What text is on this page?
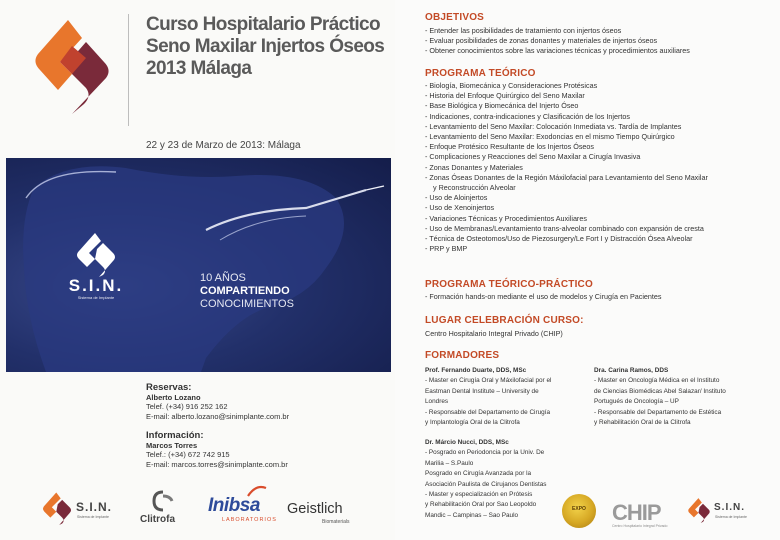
Curso Hospitalario Práctico
Seno Maxilar Injertos Óseos
2013 Málaga
22 y 23 de Marzo de 2013: Málaga
S.I.N.
Sistema de Implante
10 AÑOS
COMPARTIENDO
CONOCIMIENTOS
Reservas:
Alberto Lozano
Telef. (+34) 916 252 162
E-mail: alberto.lozano@sinimplante.com.br
Información:
Marcos Torres
Telef.: (+34) 672 742 915
E-mail: marcos.torres@sinimplante.com.br
S.I.N.
Sistema de Implante	Clitrofa
Inibsa
LABORATORIOS
Geistlich
Biomaterials
OBJETIVOS
- Entender las posibilidades de tratamiento con injertos óseos
- Evaluar posibilidades de zonas donantes y materiales de injertos óseos
- Obtener conocimientos sobre las variaciones técnicas y procedimientos auxiliares
PROGRAMA TEÓRICO
- Biología, Biomecánica y Consideraciones Protésicas
- Historia del Enfoque Quirúrgico del Seno Maxilar
- Base Biológica y Biomecánica del Injerto Óseo
- Indicaciones, contra-indicaciones y Clasificación de los Injertos
- Levantamiento del Seno Maxilar: Colocación Inmediata vs. Tardía de Implantes
- Levantamiento del Seno Maxilar: Exodoncias en el mismo Tiempo Quirúrgico
- Enfoque Protésico Resultante de los Injertos Óseos
- Complicaciones y Reacciones del Seno Maxilar a Cirugía Invasiva
- Zonas Donantes y Materiales
- Zonas Óseas Donantes de la Región Máxilofacial para Levantamiento del Seno Maxilar
y Reconstrucción Alveolar
- Uso de Aloinjertos
- Uso de Xenoinjertos
- Variaciones Técnicas y Procedimientos Auxiliares
- Uso de Membranas/Levantamiento trans-alveolar combinado con expansión de cresta
- Técnica de Osteotomos/Uso de Piezosurgery/Le Fort I y Distracción Ósea Alveolar
- PRP y BMP
PROGRAMA TEÓRICO-PRÁCTICO
- Formación hands-on mediante el uso de modelos y Cirugía en Pacientes
LUGAR CELEBRACIÓN CURSO:
Centro Hospitalario Integral Privado (CHIP)
FORMADORES
Prof. Fernando Duarte, DDS, MSc
- Master en Cirugía Oral y Máxilofacial por el
Eastman Dental Institute – University de
Londres
- Responsable del Departamento de Cirugía
y Implantología Oral de la Clitrofa
Dr. Márcio Nucci, DDS, MSc
- Posgrado en Periodoncia por la Univ. De
Marilia – S.Paulo
Posgrado en Cirugía Avanzada por la
Asociación Paulista de Cirujanos Dentistas
- Master y especialización en Prótesis
y Rehabilitación Oral por Sao Leopoldo
Mandic – Campinas – Sao Paulo
Dra. Carina Ramos, DDS
- Master en Oncología Médica en el Instituto
de Ciencias Biomédicas Abel Salazar/ Instituto
Portugués de Oncología – UP
- Responsable del Departamento de Estética
y Rehabilitación Oral de la Clitrofa
EXPO	CHIP
Centro Hospitalario Integral Privado
S.I.N.
Sistema de Implante
